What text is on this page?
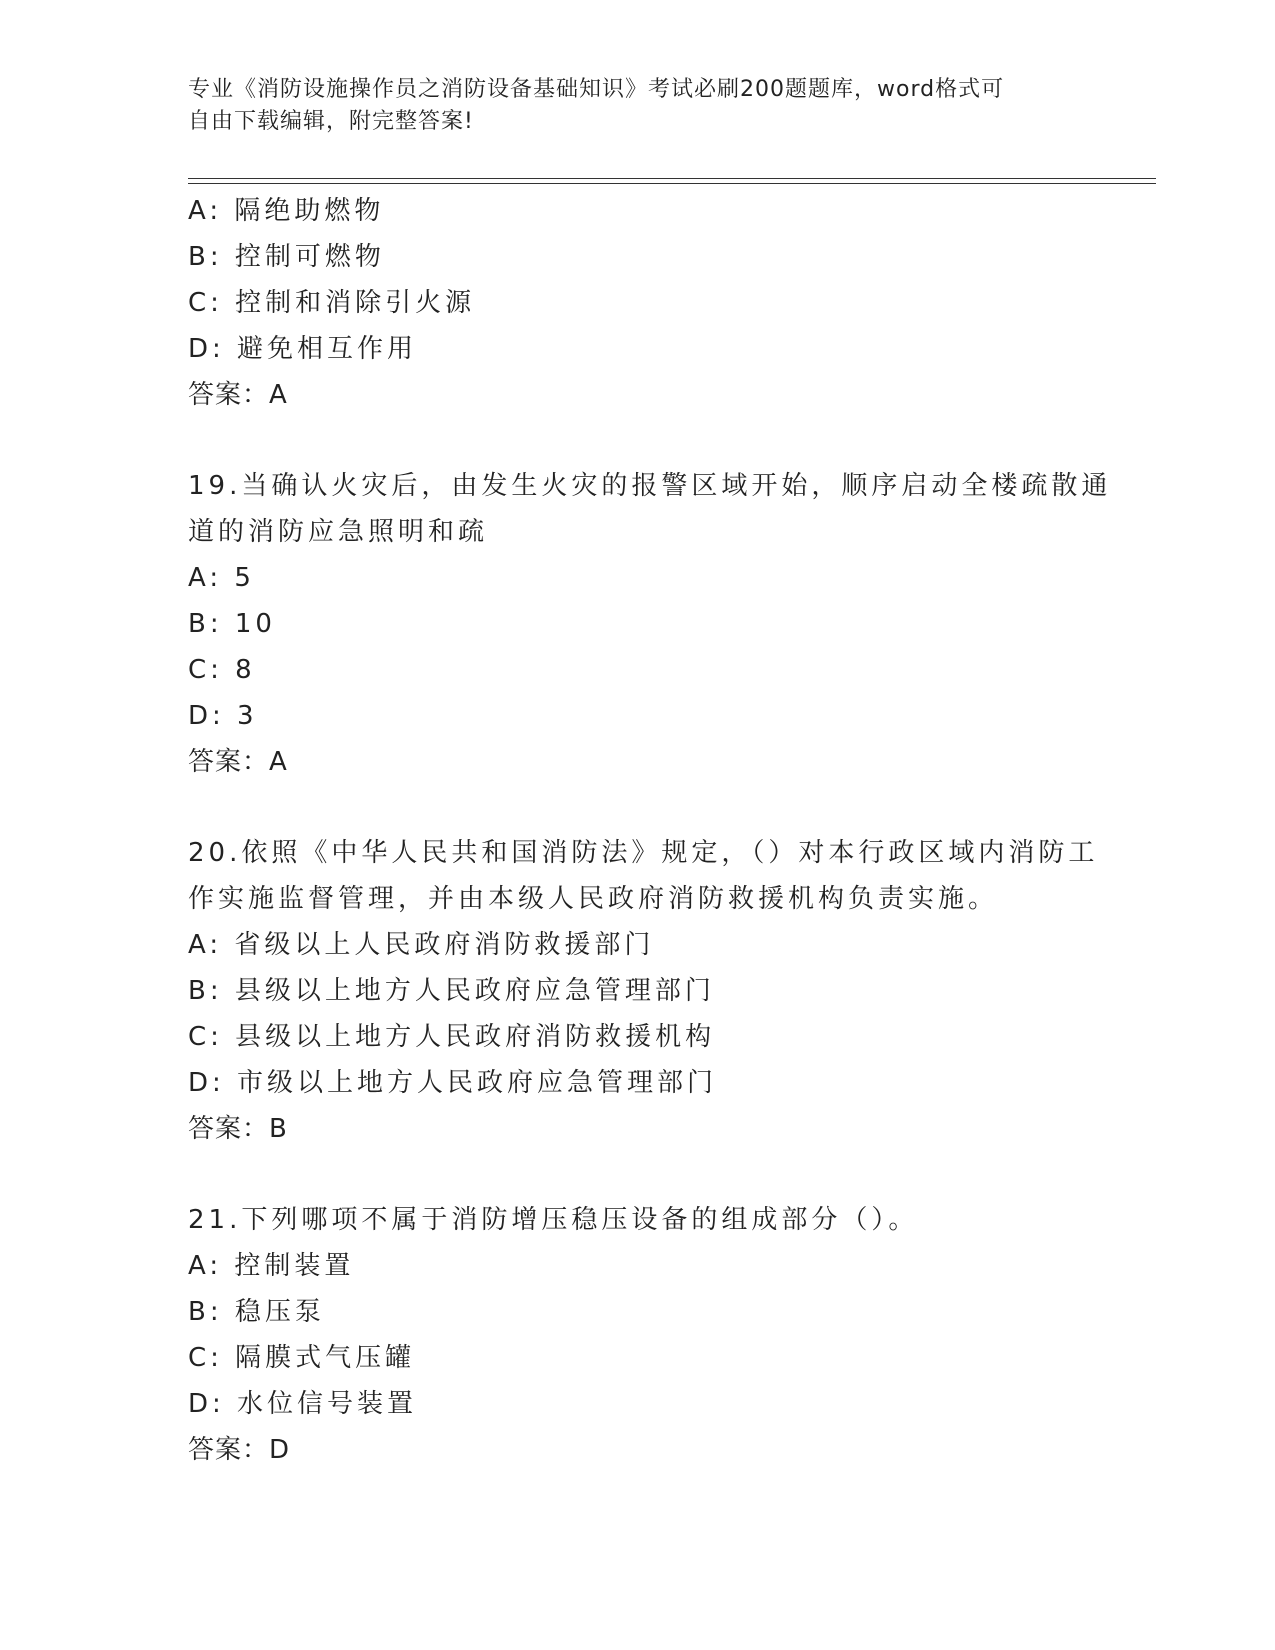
专业《消防设施操作员之消防设备基础知识》考试必刷200题题库，word格式可
自由下载编辑，附完整答案!
A: 隔绝助燃物
B: 控制可燃物
C: 控制和消除引火源
D: 避免相互作用
答案：A
19.当确认火灾后，由发生火灾的报警区域开始，顺序启动全楼疏散通
道的消防应急照明和疏
A: 5
B: 10
C: 8
D: 3
答案：A
20.依照《中华人民共和国消防法》规定，（）对本行政区域内消防工
作实施监督管理，并由本级人民政府消防救援机构负责实施。
A: 省级以上人民政府消防救援部门
B: 县级以上地方人民政府应急管理部门
C: 县级以上地方人民政府消防救援机构
D: 市级以上地方人民政府应急管理部门
答案：B
21.下列哪项不属于消防增压稳压设备的组成部分（）。
A: 控制装置
B: 稳压泵
C: 隔膜式气压罐
D: 水位信号装置
答案：D
